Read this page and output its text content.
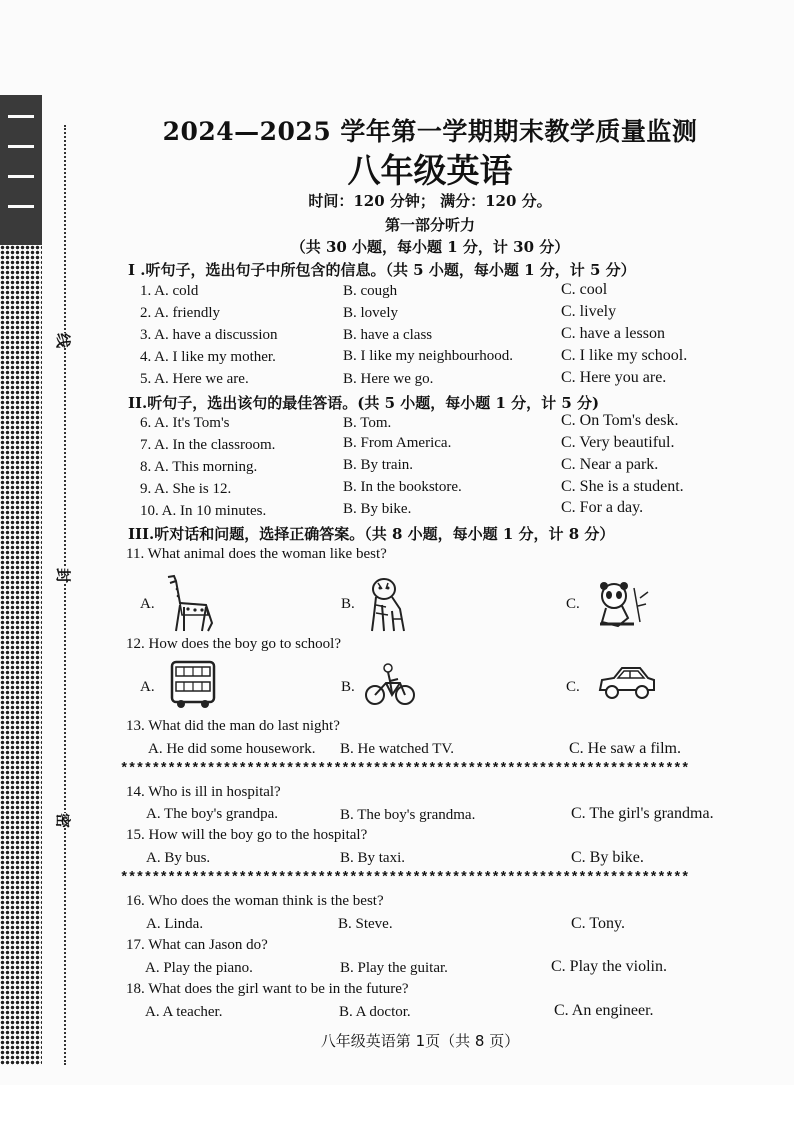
线
封
密
2024—2025 学年第一学期期末教学质量监测
八年级英语
时间：120 分钟； 满分：120 分。
第一部分听力
（共 30 小题，每小题 1 分，计 30 分）
I .听句子，选出句子中所包含的信息。（共 5 小题，每小题 1 分，计 5 分）
1. A. cold	B. cough	C. cool
2. A. friendly	B. lovely	C. lively
3. A. have a discussion	B. have a class	C. have a lesson
4. A. I like my mother.	B. I like my neighbourhood.	C. I like my school.
5. A. Here we are.	B. Here we go.	C. Here you are.
II.听句子，选出该句的最佳答语。(共 5 小题，每小题 1 分，计 5 分)
6. A. It's Tom's	B. Tom.	C. On Tom's desk.
7. A. In the classroom.	B. From America.	C. Very beautiful.
8. A. This morning.	B. By train.	C. Near a park.
9. A. She is 12.	B. In the bookstore.	C. She is a student.
10. A. In 10 minutes.	B. By bike.	C. For a day.
III.听对话和问题，选择正确答案。（共 8 小题，每小题 1 分，计 8 分）
11. What animal does the woman like best?
A.	B.	C.
12. How does the boy go to school?
A.	B.	C.
13. What did the man do last night?
A. He did some housework. B. He watched TV.	C. He saw a film.
************************************************************************
14. Who is ill in hospital?
A. The boy's grandpa.	B. The boy's grandma.	C. The girl's grandma.
15. How will the boy go to the hospital?
A. By bus.	B. By taxi.	C. By bike.
************************************************************************
16. Who does the woman think is the best?
A. Linda.	B. Steve.	C. Tony.
17. What can Jason do?
A. Play the piano.	B. Play the guitar.	C. Play the violin.
18. What does the girl want to be in the future?
A. A teacher.	B. A doctor.	C. An engineer.
八年级英语第 1页（共 8 页）
